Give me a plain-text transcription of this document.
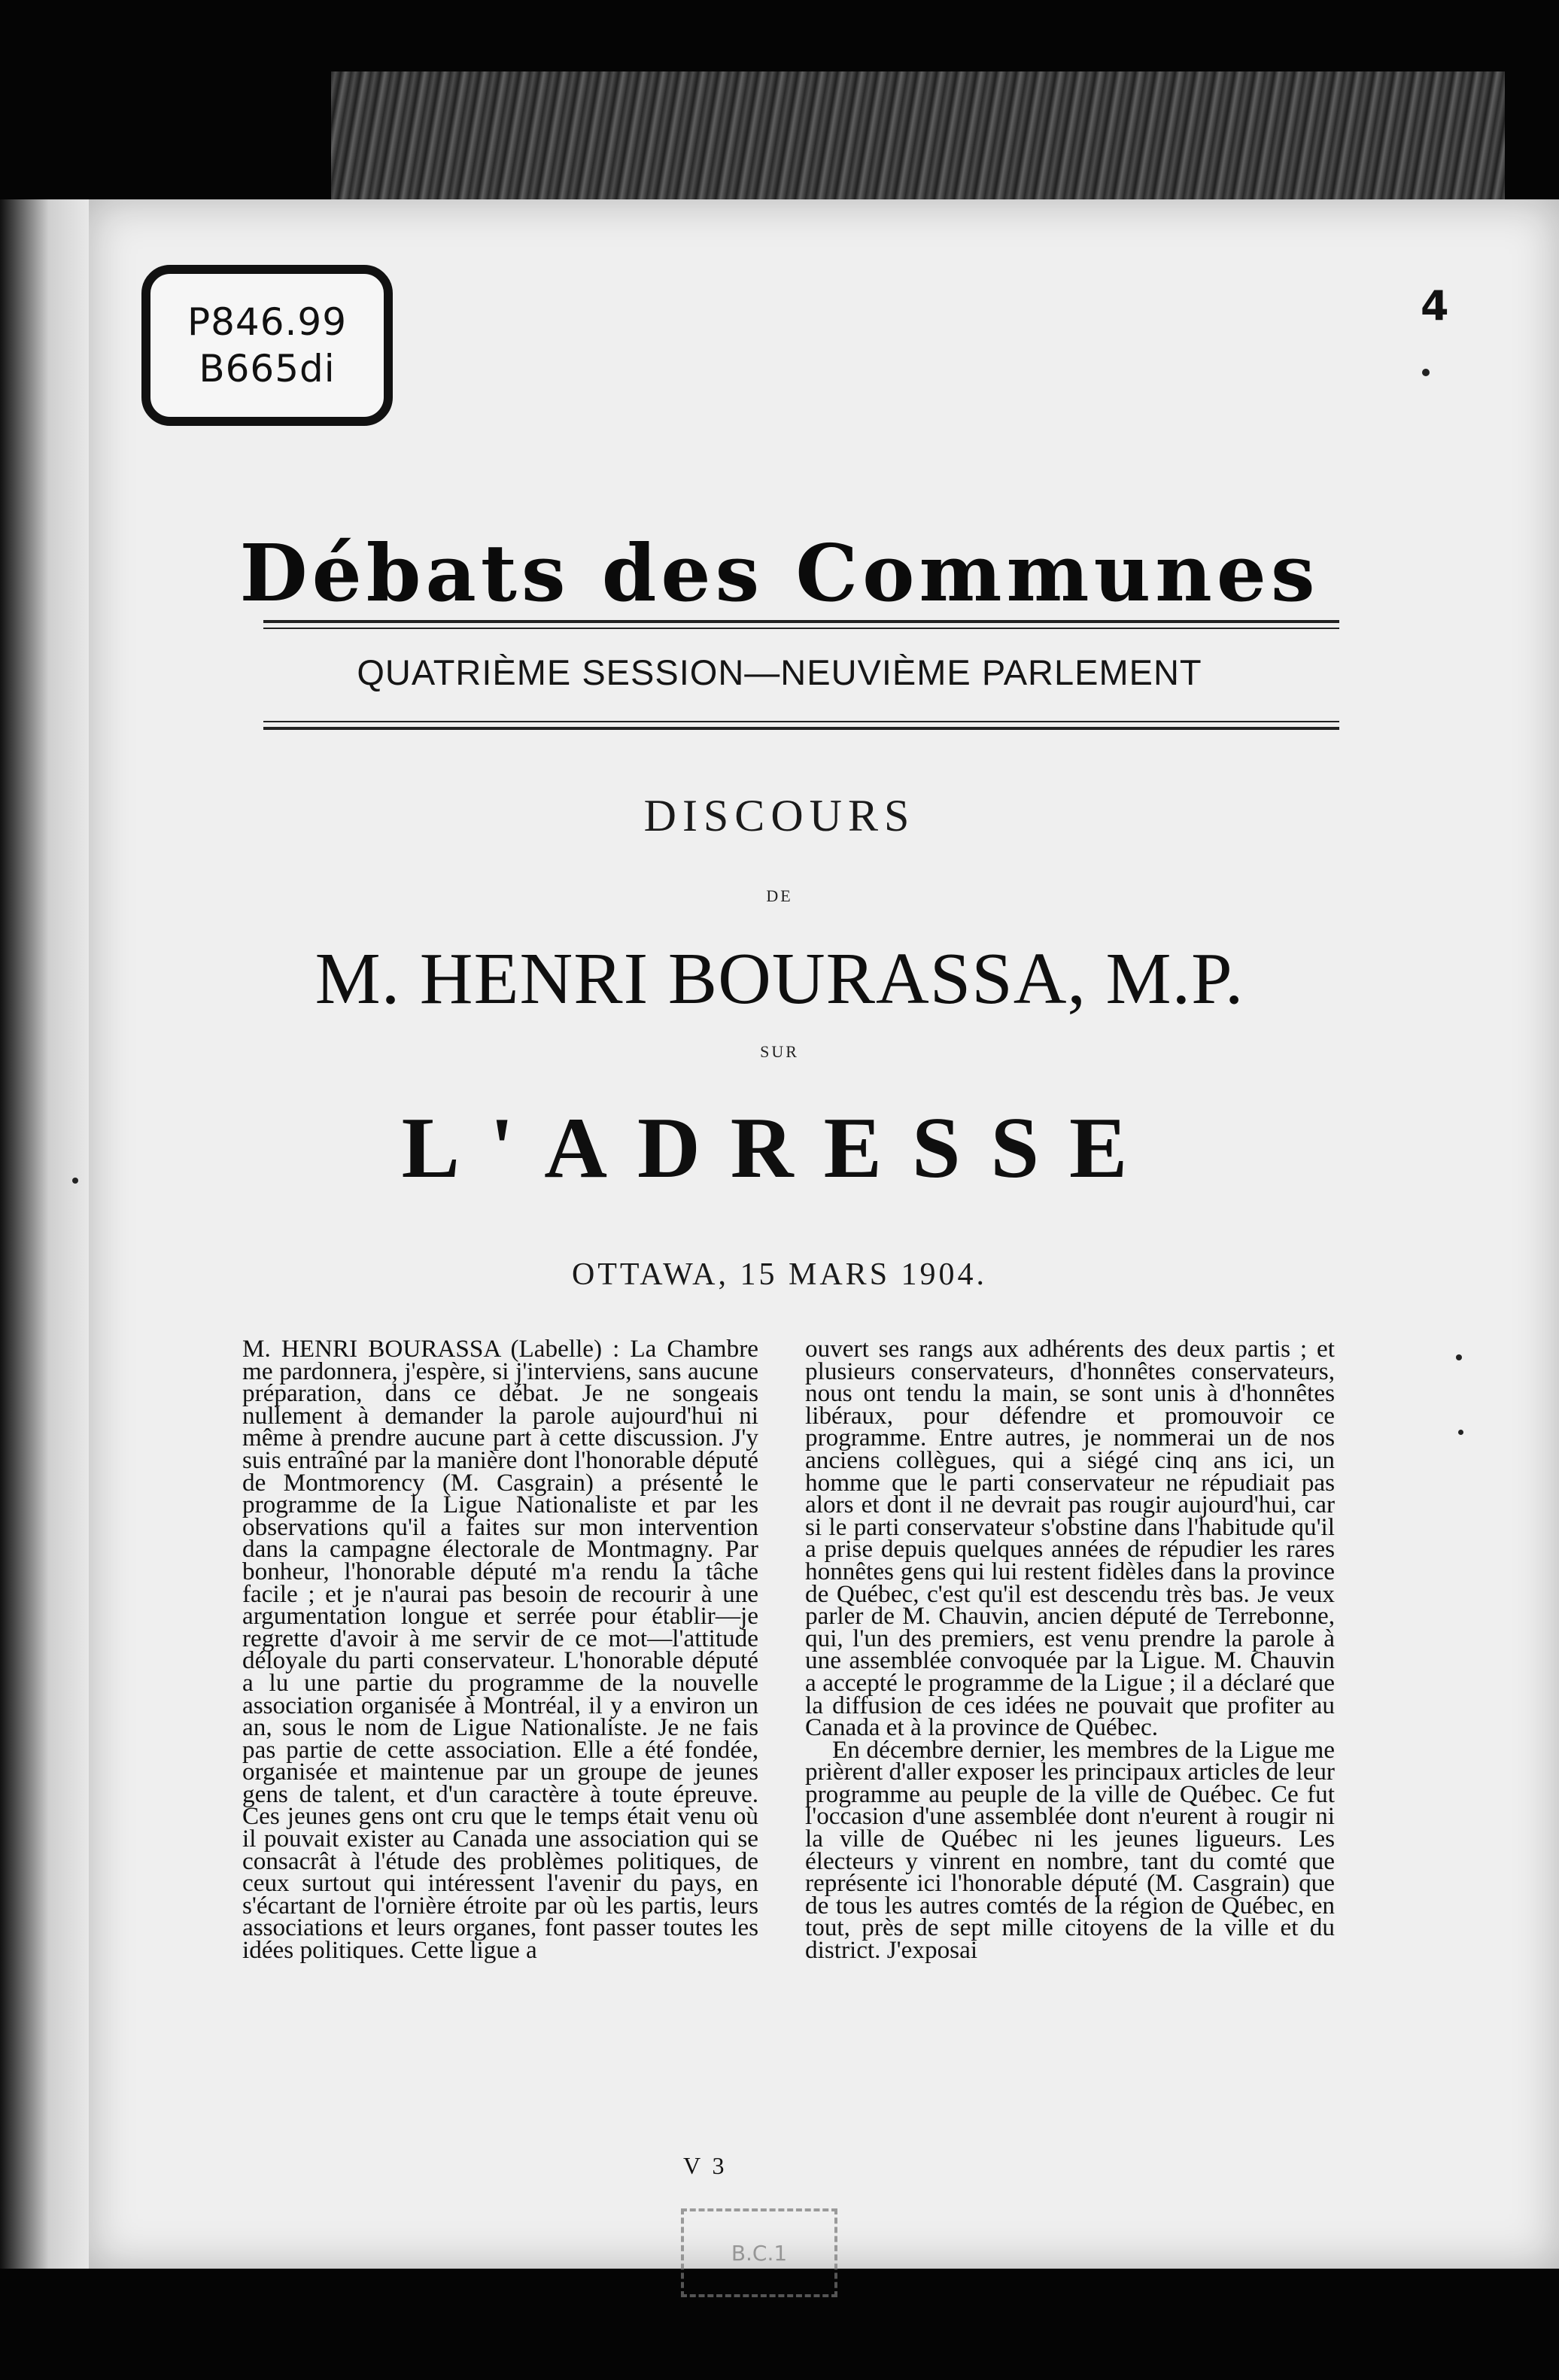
P846.99
B665di
4
Débats des Communes
QUATRIÈME SESSION—NEUVIÈME PARLEMENT
DISCOURS
DE
M. HENRI BOURASSA, M.P.
SUR
L'ADRESSE
OTTAWA, 15 MARS 1904.

M. HENRI BOURASSA (Labelle) : La Chambre me pardonnera, j'espère, si j'interviens, sans aucune préparation, dans ce débat. Je ne songeais nullement à demander la parole aujourd'hui ni même à prendre aucune part à cette discussion. J'y suis entraîné par la manière dont l'honorable député de Montmorency (M. Casgrain) a présenté le programme de la Ligue Nationaliste et par les observations qu'il a faites sur mon intervention dans la campagne électorale de Montmagny. Par bonheur, l'honorable député m'a rendu la tâche facile ; et je n'aurai pas besoin de recourir à une argumentation longue et serrée pour établir—je regrette d'avoir à me servir de ce mot—l'attitude déloyale du parti conservateur. L'honorable député a lu une partie du programme de la nouvelle association organisée à Montréal, il y a environ un an, sous le nom de Ligue Nationaliste. Je ne fais pas partie de cette association. Elle a été fondée, organisée et maintenue par un groupe de jeunes gens de talent, et d'un caractère à toute épreuve. Ces jeunes gens ont cru que le temps était venu où il pouvait exister au Canada une association qui se consacrât à l'étude des problèmes politiques, de ceux surtout qui intéressent l'avenir du pays, en s'écartant de l'ornière étroite par où les partis, leurs associations et leurs organes, font passer toutes les idées politiques. Cette ligue a

ouvert ses rangs aux adhérents des deux partis ; et plusieurs conservateurs, d'honnêtes conservateurs, nous ont tendu la main, se sont unis à d'honnêtes libéraux, pour défendre et promouvoir ce programme. Entre autres, je nommerai un de nos anciens collègues, qui a siégé cinq ans ici, un homme que le parti conservateur ne répudiait pas alors et dont il ne devrait pas rougir aujourd'hui, car si le parti conservateur s'obstine dans l'habitude qu'il a prise depuis quelques années de répudier les rares honnêtes gens qui lui restent fidèles dans la province de Québec, c'est qu'il est descendu très bas. Je veux parler de M. Chauvin, ancien député de Terrebonne, qui, l'un des premiers, est venu prendre la parole à une assemblée convoquée par la Ligue. M. Chauvin a accepté le programme de la Ligue ; il a déclaré que la diffusion de ces idées ne pouvait que profiter au Canada et à la province de Québec.

En décembre dernier, les membres de la Ligue me prièrent d'aller exposer les principaux articles de leur programme au peuple de la ville de Québec. Ce fut l'occasion d'une assemblée dont n'eurent à rougir ni la ville de Québec ni les jeunes ligueurs. Les électeurs y vinrent en nombre, tant du comté que représente ici l'honorable député (M. Casgrain) que de tous les autres comtés de la région de Québec, en tout, près de sept mille citoyens de la ville et du district. J'exposai

V 3
B.C.1
